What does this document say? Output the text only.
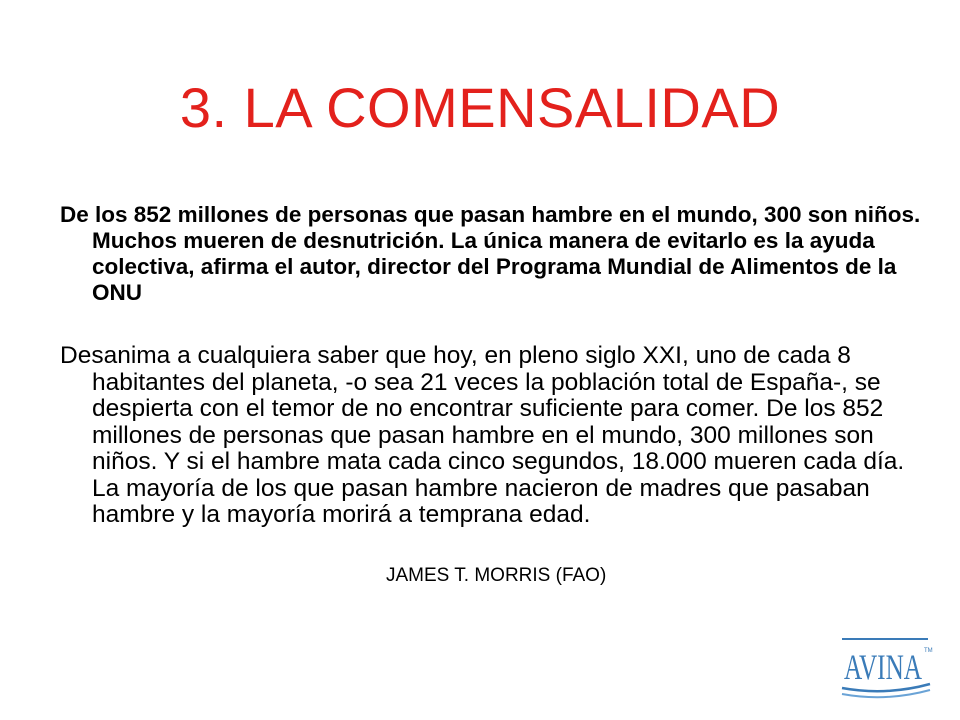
3. LA COMENSALIDAD

De los 852 millones de personas que pasan hambre en el mundo, 300 son niños. Muchos mueren de desnutrición. La única manera de evitarlo es la ayuda colectiva, afirma el autor, director del Programa Mundial de Alimentos de la ONU

Desanima a cualquiera saber que hoy, en pleno siglo XXI, uno de cada 8 habitantes del planeta, -o sea 21 veces la población total de España-, se despierta con el temor de no encontrar suficiente para comer. De los 852 millones de personas que pasan hambre en el mundo, 300 millones son niños. Y si el hambre mata cada cinco segundos, 18.000 mueren cada día. La mayoría de los que pasan hambre nacieron de madres que pasaban hambre y la mayoría morirá a temprana edad.

JAMES T. MORRIS (FAO)
AVINA TM
